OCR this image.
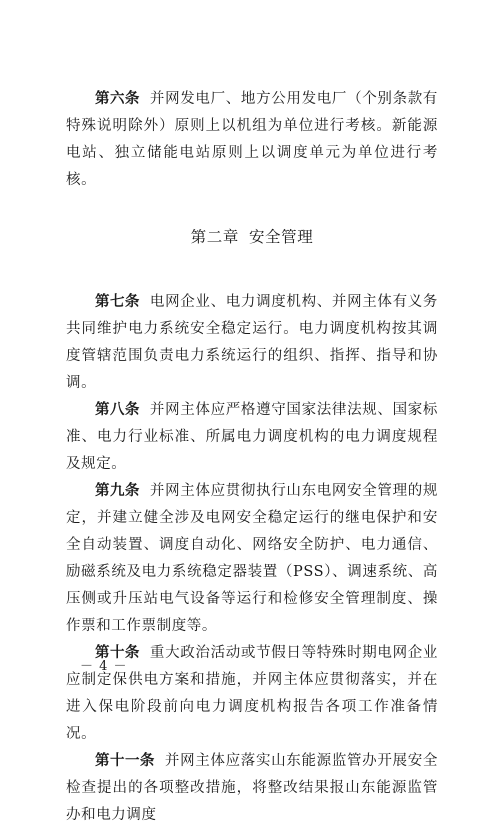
第六条 并网发电厂、地方公用发电厂（个别条款有特殊说明除外）原则上以机组为单位进行考核。新能源电站、独立储能电站原则上以调度单元为单位进行考核。

第二章 安全管理

第七条 电网企业、电力调度机构、并网主体有义务共同维护电力系统安全稳定运行。电力调度机构按其调度管辖范围负责电力系统运行的组织、指挥、指导和协调。

第八条 并网主体应严格遵守国家法律法规、国家标准、电力行业标准、所属电力调度机构的电力调度规程及规定。

第九条 并网主体应贯彻执行山东电网安全管理的规定，并建立健全涉及电网安全稳定运行的继电保护和安全自动装置、调度自动化、网络安全防护、电力通信、励磁系统及电力系统稳定器装置（PSS）、调速系统、高压侧或升压站电气设备等运行和检修安全管理制度、操作票和工作票制度等。

第十条 重大政治活动或节假日等特殊时期电网企业应制定保供电方案和措施，并网主体应贯彻落实，并在进入保电阶段前向电力调度机构报告各项工作准备情况。

第十一条 并网主体应落实山东能源监管办开展安全检查提出的各项整改措施，将整改结果报山东能源监管办和电力调度

－ 4 －
